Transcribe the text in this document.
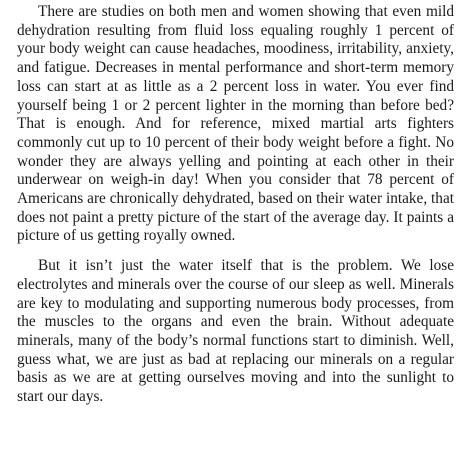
There are studies on both men and women showing that even mild dehydration resulting from fluid loss equaling roughly 1 percent of your body weight can cause headaches, moodiness, irritability, anxiety, and fatigue. Decreases in mental performance and short-term memory loss can start at as little as a 2 percent loss in water. You ever find yourself being 1 or 2 percent lighter in the morning than before bed? That is enough. And for reference, mixed martial arts fighters commonly cut up to 10 percent of their body weight before a fight. No wonder they are always yelling and pointing at each other in their underwear on weigh-in day! When you consider that 78 percent of Americans are chronically dehydrated, based on their water intake, that does not paint a pretty picture of the start of the average day. It paints a picture of us getting royally owned.

But it isn’t just the water itself that is the problem. We lose electrolytes and minerals over the course of our sleep as well. Minerals are key to modulating and supporting numerous body processes, from the muscles to the organs and even the brain. Without adequate minerals, many of the body’s normal functions start to diminish. Well, guess what, we are just as bad at replacing our minerals on a regular basis as we are at getting ourselves moving and into the sunlight to start our days.
